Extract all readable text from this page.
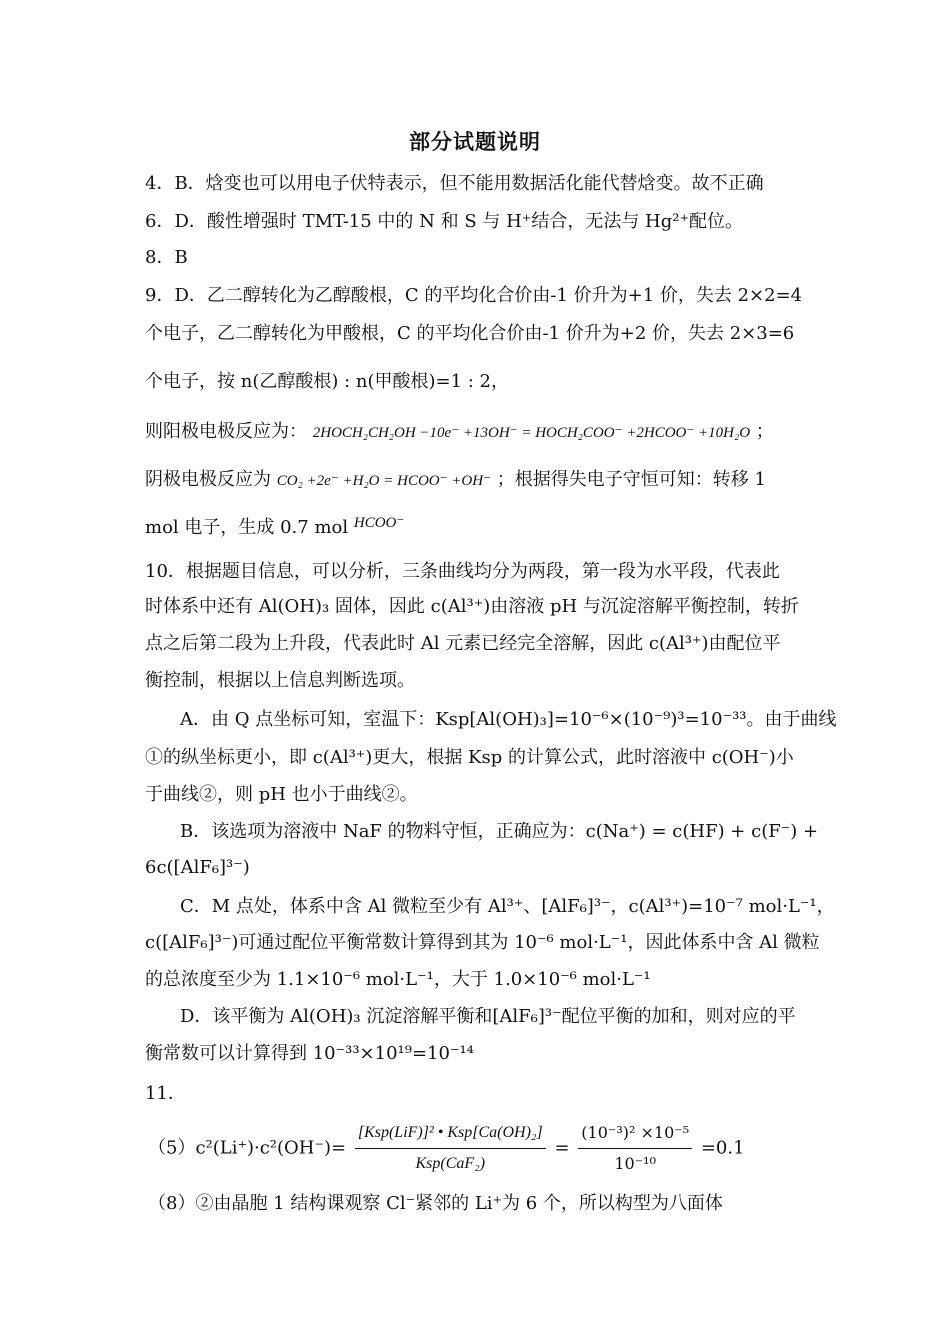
部分试题说明
4．B．焓变也可以用电子伏特表示，但不能用数据活化能代替焓变。故不正确
6．D．酸性增强时 TMT-15 中的 N 和 S 与 H⁺结合，无法与 Hg²⁺配位。
8．B
9．D．乙二醇转化为乙醇酸根，C 的平均化合价由-1 价升为+1 价，失去 2×2=4
个电子，乙二醇转化为甲酸根，C 的平均化合价由-1 价升为+2 价，失去 2×3=6
个电子，按 n(乙醇酸根) : n(甲酸根)=1 : 2，
则阳极电极反应为： 2HOCH₂CH₂OH −10e⁻ +13OH⁻ = HOCH₂COO⁻ +2HCOO⁻ +10H₂O ；
阴极电极反应为 CO₂ +2e⁻ +H₂O = HCOO⁻ +OH⁻ ；根据得失电子守恒可知：转移 1
mol 电子，生成 0.7 mol $^{HCOO^-}$
10．根据题目信息，可以分析，三条曲线均分为两段，第一段为水平段，代表此
时体系中还有 Al(OH)₃ 固体，因此 c(Al³⁺)由溶液 pH 与沉淀溶解平衡控制，转折
点之后第二段为上升段，代表此时 Al 元素已经完全溶解，因此 c(Al³⁺)由配位平
衡控制，根据以上信息判断选项。
A．由 Q 点坐标可知，室温下：Ksp[Al(OH)₃]=10⁻⁶×(10⁻⁹)³=10⁻³³。由于曲线
①的纵坐标更小，即 c(Al³⁺)更大，根据 Ksp 的计算公式，此时溶液中 c(OH⁻)小
于曲线②，则 pH 也小于曲线②。
B．该选项为溶液中 NaF 的物料守恒，正确应为：c(Na⁺) = c(HF) + c(F⁻) +
6c([AlF₆]³⁻)
C．M 点处，体系中含 Al 微粒至少有 Al³⁺、[AlF₆]³⁻，c(Al³⁺)=10⁻⁷ mol·L⁻¹，
c([AlF₆]³⁻)可通过配位平衡常数计算得到其为 10⁻⁶ mol·L⁻¹，因此体系中含 Al 微粒
的总浓度至少为 1.1×10⁻⁶ mol·L⁻¹，大于 1.0×10⁻⁶ mol·L⁻¹
D．该平衡为 Al(OH)₃ 沉淀溶解平衡和[AlF₆]³⁻配位平衡的加和，则对应的平
衡常数可以计算得到 10⁻³³×10¹⁹=10⁻¹⁴
11．
$(5)c^2(Li^+)\cdot c^2(OH^-)= \frac{\text{[Ksp(LiF)]² • Ksp[Ca(OH)₂]}}{\text{Ksp(CaF₂)}} = \frac{\text{(10⁻³)² ×10⁻⁵}}{\text{10⁻¹⁰}} =0.1$
（8）②由晶胞 1 结构课观察 Cl⁻紧邻的 Li⁺为 6 个，所以构型为八面体
